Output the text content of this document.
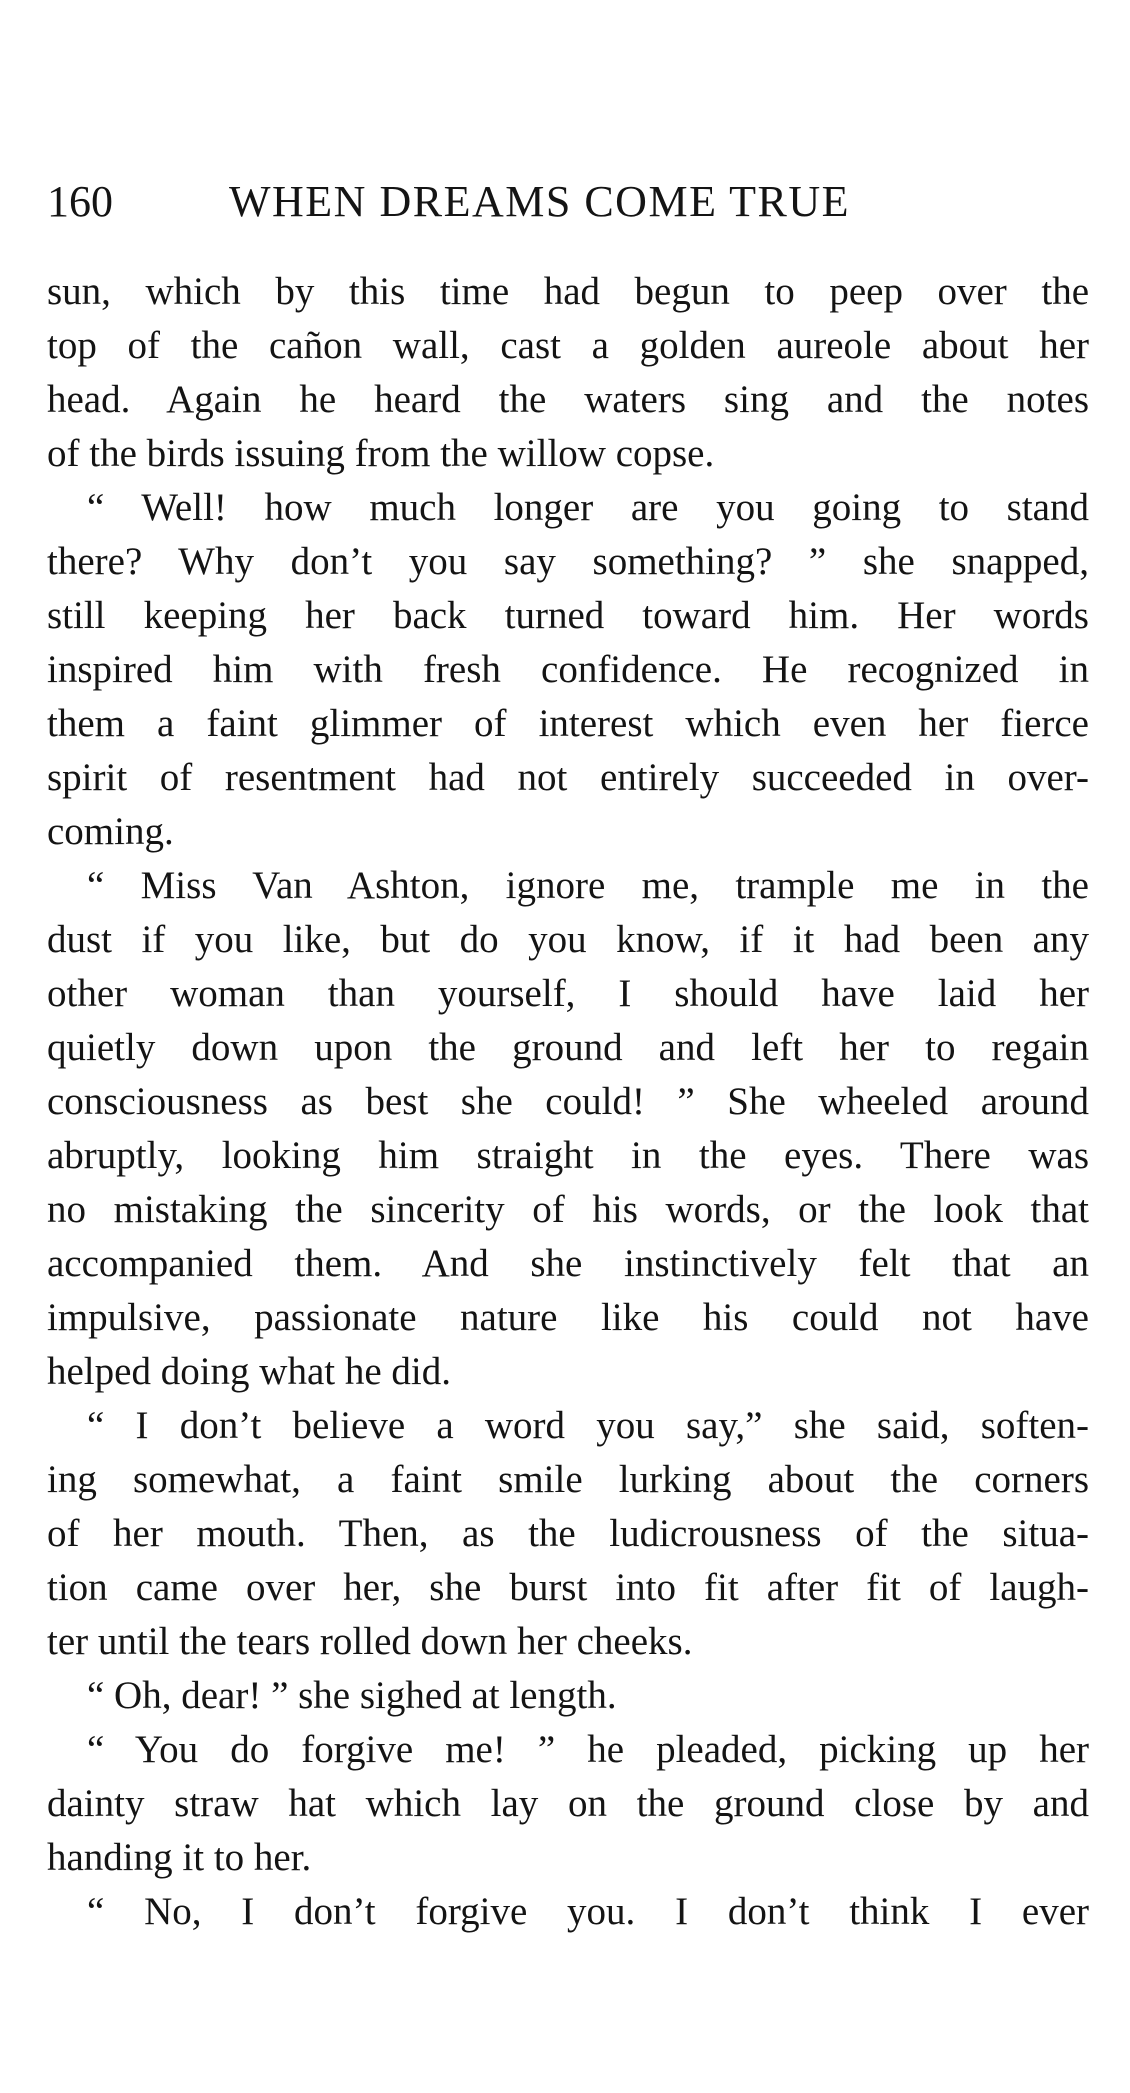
160	WHEN DREAMS COME TRUE
sun, which by this time had begun to peep over the
top of the cañon wall, cast a golden aureole about her
head. Again he heard the waters sing and the notes
of the birds issuing from the willow copse.
“ Well! how much longer are you going to stand
there? Why don’t you say something? ” she snapped,
still keeping her back turned toward him. Her words
inspired him with fresh confidence. He recognized in
them a faint glimmer of interest which even her fierce
spirit of resentment had not entirely succeeded in over-
coming.
“ Miss Van Ashton, ignore me, trample me in the
dust if you like, but do you know, if it had been any
other woman than yourself, I should have laid her
quietly down upon the ground and left her to regain
consciousness as best she could! ” She wheeled around
abruptly, looking him straight in the eyes. There was
no mistaking the sincerity of his words, or the look that
accompanied them. And she instinctively felt that an
impulsive, passionate nature like his could not have
helped doing what he did.
“ I don’t believe a word you say,” she said, soften-
ing somewhat, a faint smile lurking about the corners
of her mouth. Then, as the ludicrousness of the situa-
tion came over her, she burst into fit after fit of laugh-
ter until the tears rolled down her cheeks.
“ Oh, dear! ” she sighed at length.
“ You do forgive me! ” he pleaded, picking up her
dainty straw hat which lay on the ground close by and
handing it to her.
“ No, I don’t forgive you. I don’t think I ever
